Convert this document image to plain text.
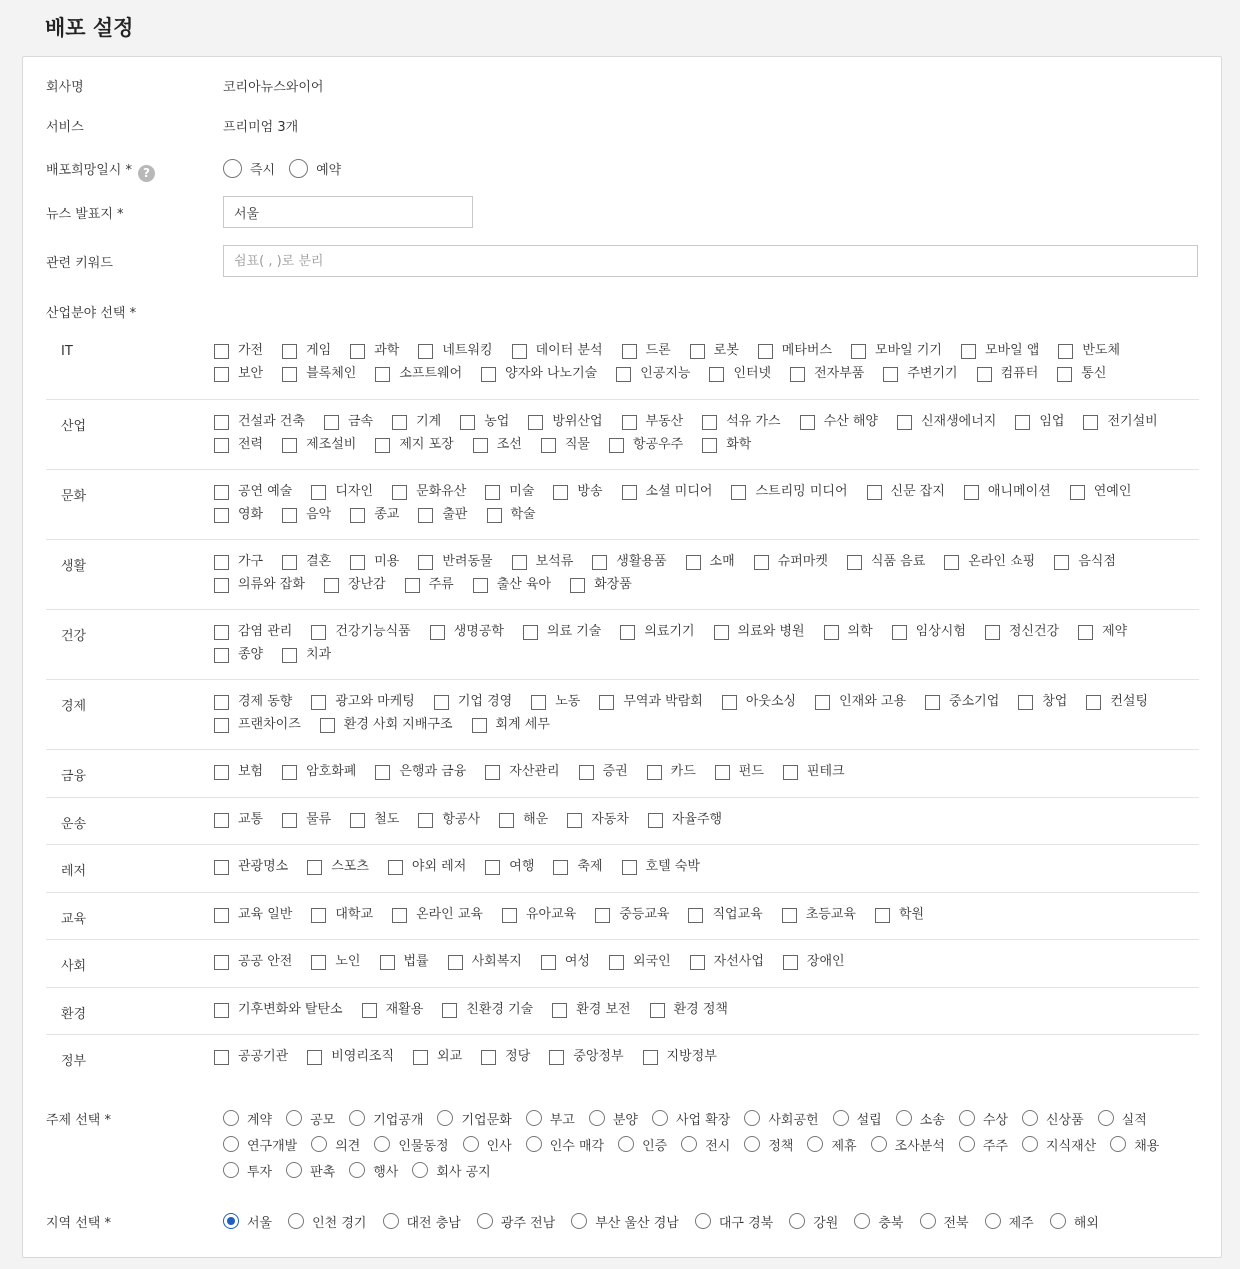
배포 설정
회사명	코리아뉴스와이어
서비스	프리미엄 3개
배포희망일시 * ?	즉시	예약
뉴스 발표지 *
서울
관련 키워드
쉼표( , )로 분리
산업분야 선택 *
IT	가전	게임	과학	네트워킹	데이터 분석	드론	로봇	메타버스	모바일 기기	모바일 앱	반도체
보안	블록체인	소프트웨어	양자와 나노기술	인공지능	인터넷	전자부품	주변기기	컴퓨터	통신
산업	건설과 건축	금속	기계	농업	방위산업	부동산	석유 가스	수산 해양	신재생에너지	임업	전기설비
전력	제조설비	제지 포장	조선	직물	항공우주	화학
문화	공연 예술	디자인	문화유산	미술	방송	소셜 미디어	스트리밍 미디어	신문 잡지	애니메이션	연예인
영화	음악	종교	출판	학술
생활	가구	결혼	미용	반려동물	보석류	생활용품	소매	슈퍼마켓	식품 음료	온라인 쇼핑	음식점
의류와 잡화	장난감	주류	출산 육아	화장품
건강	감염 관리	건강기능식품	생명공학	의료 기술	의료기기	의료와 병원	의학	임상시험	정신건강	제약
종양	치과
경제	경제 동향	광고와 마케팅	기업 경영	노동	무역과 박람회	아웃소싱	인재와 고용	중소기업	창업	컨설팅
프랜차이즈	환경 사회 지배구조	회계 세무
금융	보험	암호화폐	은행과 금융	자산관리	증권	카드	펀드	핀테크
운송	교통	물류	철도	항공사	해운	자동차	자율주행
레저	관광명소	스포츠	야외 레저	여행	축제	호텔 숙박
교육	교육 일반	대학교	온라인 교육	유아교육	중등교육	직업교육	초등교육	학원
사회	공공 안전	노인	법률	사회복지	여성	외국인	자선사업	장애인
환경	기후변화와 탈탄소	재활용	친환경 기술	환경 보전	환경 정책
정부	공공기관	비영리조직	외교	정당	중앙정부	지방정부
주제 선택 *	계약	공모	기업공개	기업문화	부고	분양	사업 확장	사회공헌	설립	소송	수상	신상품	실적
연구개발	의견	인물동정	인사	인수 매각	인증	전시	정책	제휴	조사분석	주주	지식재산	채용
투자	판촉	행사	회사 공지
지역 선택 *	서울	인천 경기	대전 충남	광주 전남	부산 울산 경남	대구 경북	강원	충북	전북	제주	해외
